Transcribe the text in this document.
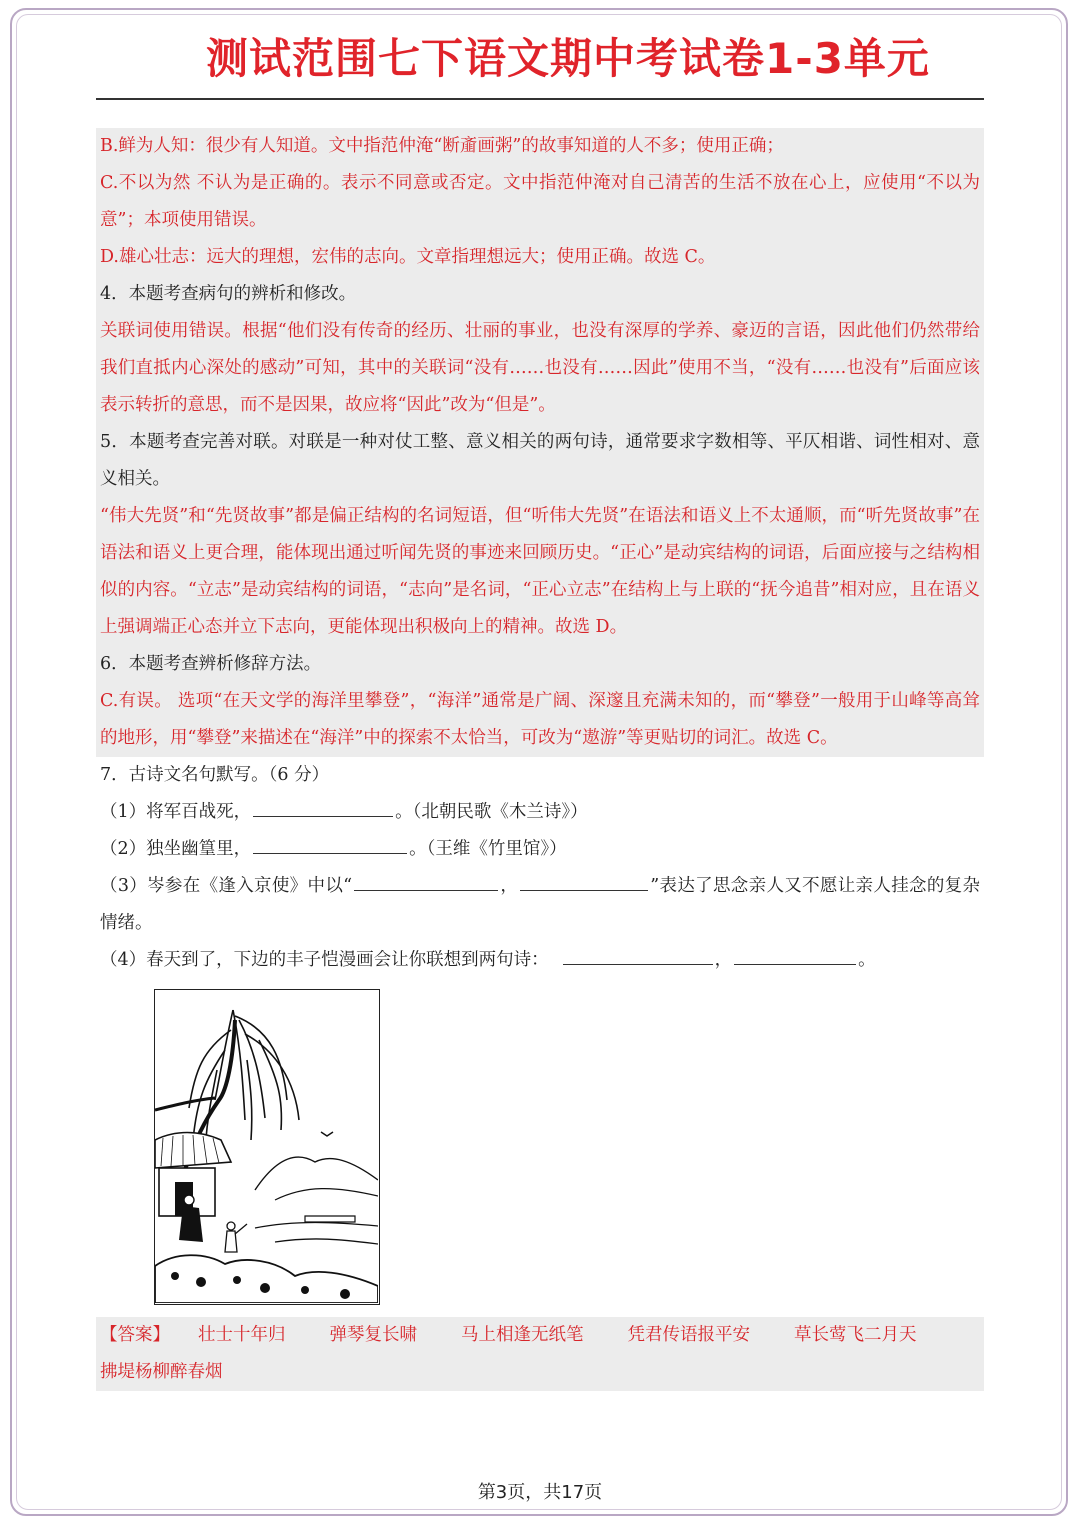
测试范围七下语文期中考试卷1-3单元

B.鲜为人知：很少有人知道。文中指范仲淹“断齑画粥”的故事知道的人不多；使用正确；

C.不以为然 不认为是正确的。表示不同意或否定。文中指范仲淹对自己清苦的生活不放在心上，应使用“不以为意”；本项使用错误。

D.雄心壮志：远大的理想，宏伟的志向。文章指理想远大；使用正确。故选 C。

4．本题考查病句的辨析和修改。

关联词使用错误。根据“他们没有传奇的经历、壮丽的事业，也没有深厚的学养、豪迈的言语，因此他们仍然带给我们直抵内心深处的感动”可知，其中的关联词“没有……也没有……因此”使用不当，“没有……也没有”后面应该表示转折的意思，而不是因果，故应将“因此”改为“但是”。

5．本题考查完善对联。对联是一种对仗工整、意义相关的两句诗，通常要求字数相等、平仄相谐、词性相对、意义相关。

“伟大先贤”和“先贤故事”都是偏正结构的名词短语，但“听伟大先贤”在语法和语义上不太通顺，而“听先贤故事”在语法和语义上更合理，能体现出通过听闻先贤的事迹来回顾历史。“正心”是动宾结构的词语，后面应接与之结构相似的内容。“立志”是动宾结构的词语，“志向”是名词，“正心立志”在结构上与上联的“抚今追昔”相对应，且在语义上强调端正心态并立下志向，更能体现出积极向上的精神。故选 D。

6．本题考查辨析修辞方法。

C.有误。 选项“在天文学的海洋里攀登”，“海洋”通常是广阔、深邃且充满未知的，而“攀登”一般用于山峰等高耸的地形，用“攀登”来描述在“海洋”中的探索不太恰当，可改为“遨游”等更贴切的词汇。故选 C。

7．古诗文名句默写。（6 分）

（1）将军百战死，	。（北朝民歌《木兰诗》）

（2）独坐幽篁里，	。（王维《竹里馆》）

（3）岑参在《逢入京使》中以“	，	”表达了思念亲人又不愿让亲人挂念的复杂情绪。

（4）春天到了，下边的丰子恺漫画会让你联想到两句诗：	，	。

【答案】 壮士十年归	弹琴复长啸	马上相逢无纸笔	凭君传语报平安	草长莺飞二月天拂堤杨柳醉春烟

第3页，共17页
